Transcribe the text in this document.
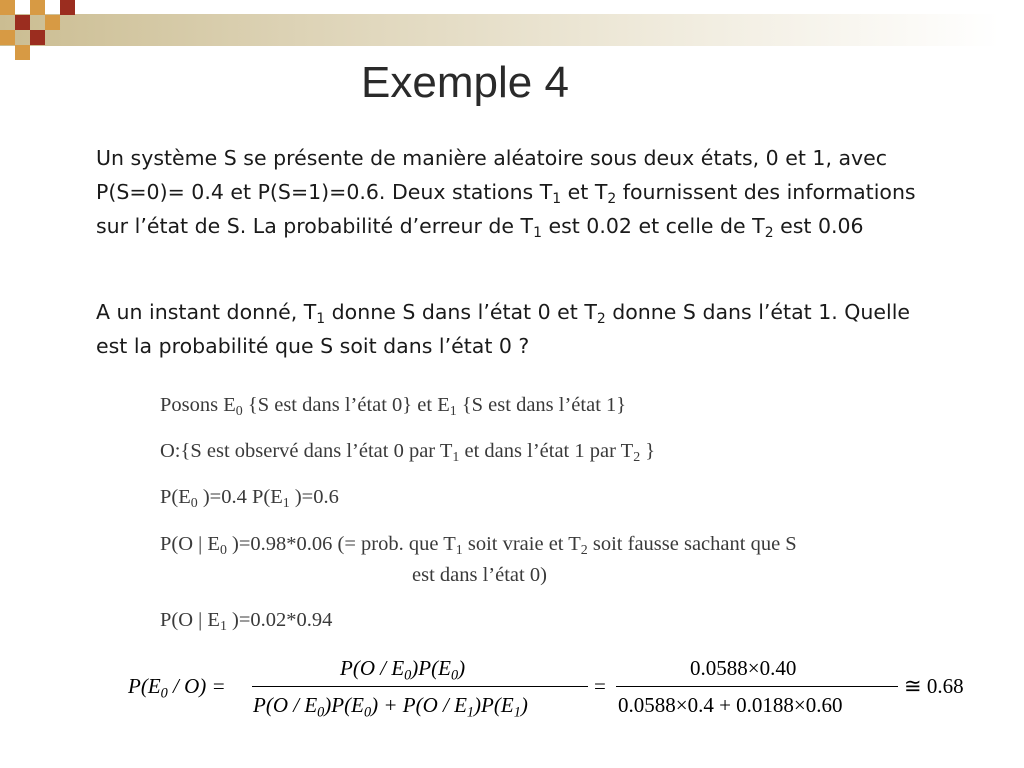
Exemple 4
Un système S se présente de manière aléatoire sous deux états, 0 et 1, avec P(S=0)= 0.4 et P(S=1)=0.6. Deux stations $T_1$ et $T_2$ fournissent des informations sur l’état de S. La probabilité d’erreur de $T_1$ est 0.02 et celle de $T_2$ est 0.06
A un instant donné, $T_1$ donne S dans l’état 0 et $T_2$ donne S dans l’état 1. Quelle est la probabilité que S soit dans l’état 0 ?
Posons $E_0$ {S est dans l’état 0} et $E_1$ {S est dans l’état 1}
O:{S est observé dans l’état 0 par $T_1$ et dans l’état 1 par $T_2$ }
$P(E_0$ )=0.4 $P(E_1$ )=0.6
P(O | $E_0$ )=0.98*0.06 (= prob. que $T_1$ soit vraie et $T_2$ soit fausse sachant que S
est dans l’état 0)
P(O | $E_1$ )=0.02*0.94
$P(E_0 / O)$ =
$P(O / E_0)P(E_0)$
$P(O / E_0)P(E_0) + P(O / E_1)P(E_1)$
=
0.0588×0.40
0.0588×0.4 + 0.0188×0.60
≅ 0.68
